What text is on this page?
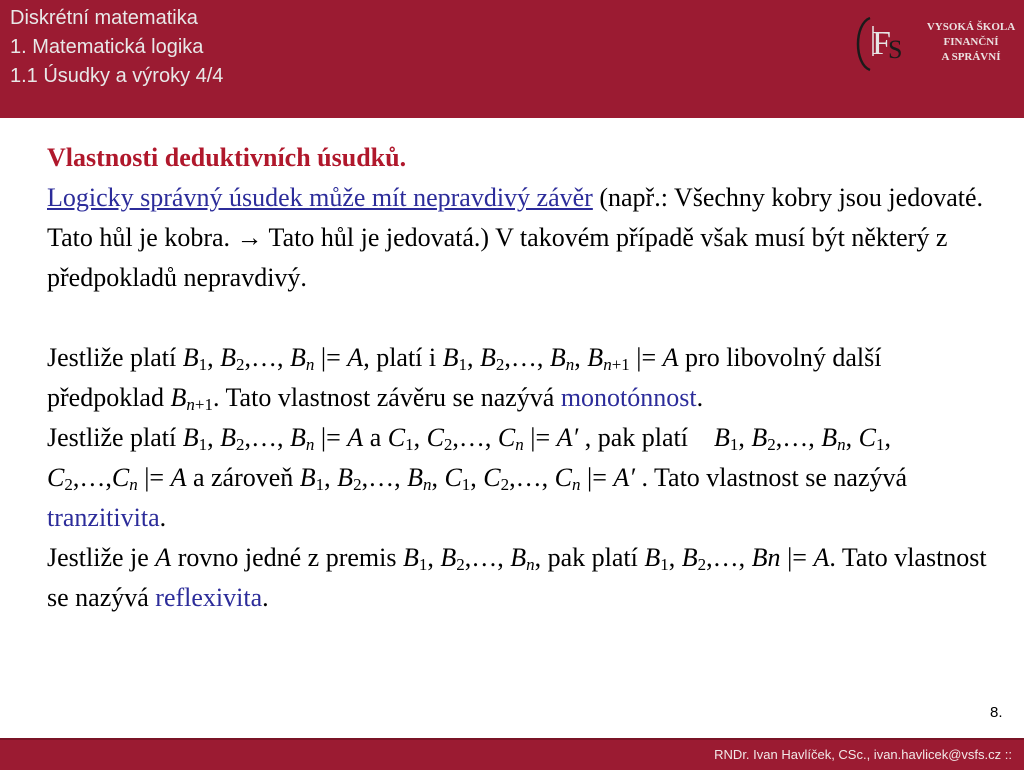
Diskrétní matematika
1. Matematická logika
1.1 Úsudky a výroky 4/4
F
S
VYSOKÁ ŠKOLA
FINANČNÍ
A SPRÁVNÍ

Vlastnosti deduktivních úsudků.
Logicky správný úsudek může mít nepravdivý závěr (např.: Všechny kobry jsou jedovaté. Tato hůl je kobra. → Tato hůl je jedovatá.) V takovém případě však musí být některý z předpokladů nepravdivý.

Jestliže platí $B_1$, $B_2,\dots$, $B_n$ |= A, platí i $B_1$, $B_2,\dots$, $B_n$, $B_{n+1}$ |= A pro libovolný další předpoklad $B_{n+1}$. Tato vlastnost závěru se nazývá monotónnost.

Jestliže platí $B_1$, $B_2,\dots$, $B_n$ |= A a $C_1$, $C_2,\dots$, $C_n$ |= A′ , pak platí    $B_1$, $B_2,\dots$, $B_n$, $C_1$, $C_2,\dots,C_n$ |= A a zároveň $B_1$, $B_2,\dots$, $B_n$, $C_1$, $C_2,\dots$, $C_n$ |= A′ . Tato vlastnost se nazývá tranzitivita.

Jestliže je A rovno jedné z premis $B_1$, $B_2,\dots$, $B_n$, pak platí $B_1$, $B_2,\dots$, Bn |= A. Tato vlastnost se nazývá reflexivita.

8.
RNDr. Ivan Havlíček, CSc., ivan.havlicek@vsfs.cz ::
